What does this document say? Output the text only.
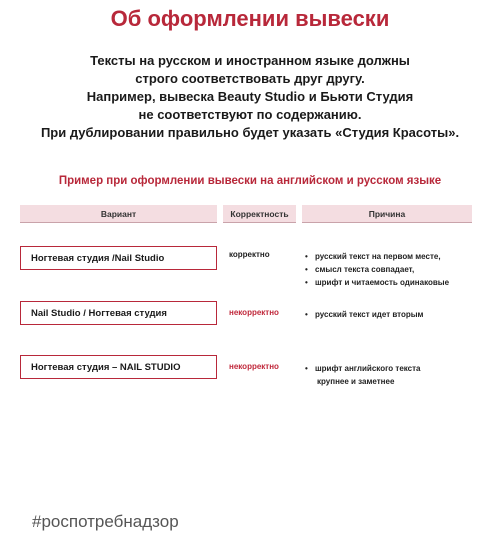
Об оформлении вывески
Тексты на русском и иностранном языке должны
строго соответствовать друг другу.
Например, вывеска Beauty Studio и Бьюти Студия
не соответствуют по содержанию.
При дублировании правильно будет указать «Студия Красоты».
Пример при оформлении вывески на английском и русском языке
Вариант	Корректность	Причина
Ногтевая студия /Nail Studio	корректно	• русский текст на первом месте,
• смысл текста совпадает,
• шрифт и читаемость одинаковые
Nail Studio / Ногтевая студия	некорректно	• русский текст идет вторым
Ногтевая студия – NAIL STUDIO	некорректно	• шрифт английского текста
крупнее и заметнее
#роспотребнадзор
